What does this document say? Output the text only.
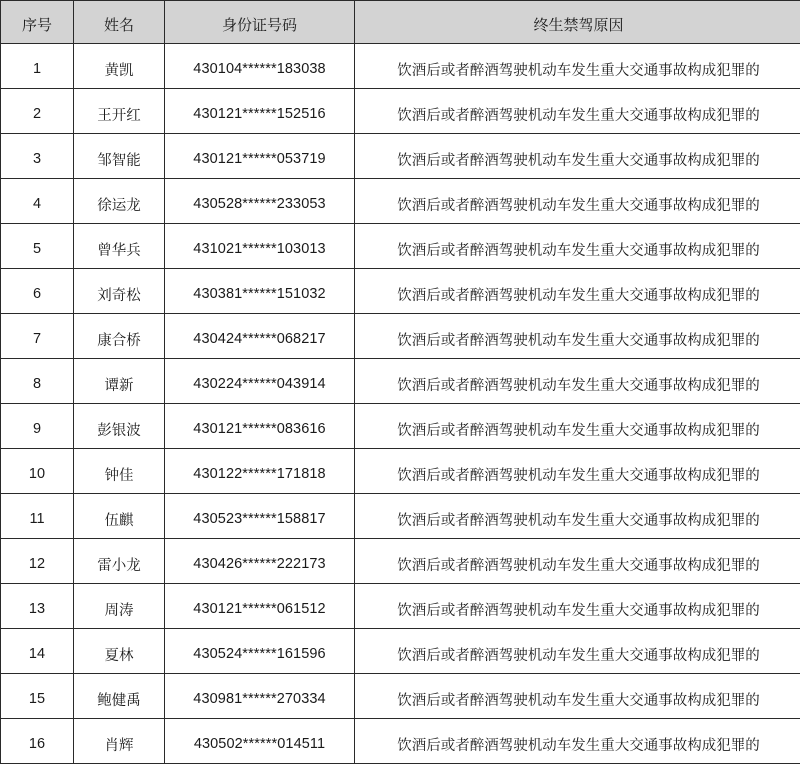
序号	姓名	身份证号码	终生禁驾原因
1	黄凯	430104******183038	饮酒后或者醉酒驾驶机动车发生重大交通事故构成犯罪的
2	王开红	430121******152516	饮酒后或者醉酒驾驶机动车发生重大交通事故构成犯罪的
3	邹智能	430121******053719	饮酒后或者醉酒驾驶机动车发生重大交通事故构成犯罪的
4	徐运龙	430528******233053	饮酒后或者醉酒驾驶机动车发生重大交通事故构成犯罪的
5	曾华兵	431021******103013	饮酒后或者醉酒驾驶机动车发生重大交通事故构成犯罪的
6	刘奇松	430381******151032	饮酒后或者醉酒驾驶机动车发生重大交通事故构成犯罪的
7	康合桥	430424******068217	饮酒后或者醉酒驾驶机动车发生重大交通事故构成犯罪的
8	谭新	430224******043914	饮酒后或者醉酒驾驶机动车发生重大交通事故构成犯罪的
9	彭银波	430121******083616	饮酒后或者醉酒驾驶机动车发生重大交通事故构成犯罪的
10	钟佳	430122******171818	饮酒后或者醉酒驾驶机动车发生重大交通事故构成犯罪的
11	伍麒	430523******158817	饮酒后或者醉酒驾驶机动车发生重大交通事故构成犯罪的
12	雷小龙	430426******222173	饮酒后或者醉酒驾驶机动车发生重大交通事故构成犯罪的
13	周涛	430121******061512	饮酒后或者醉酒驾驶机动车发生重大交通事故构成犯罪的
14	夏林	430524******161596	饮酒后或者醉酒驾驶机动车发生重大交通事故构成犯罪的
15	鲍健禹	430981******270334	饮酒后或者醉酒驾驶机动车发生重大交通事故构成犯罪的
16	肖辉	430502******014511	饮酒后或者醉酒驾驶机动车发生重大交通事故构成犯罪的
